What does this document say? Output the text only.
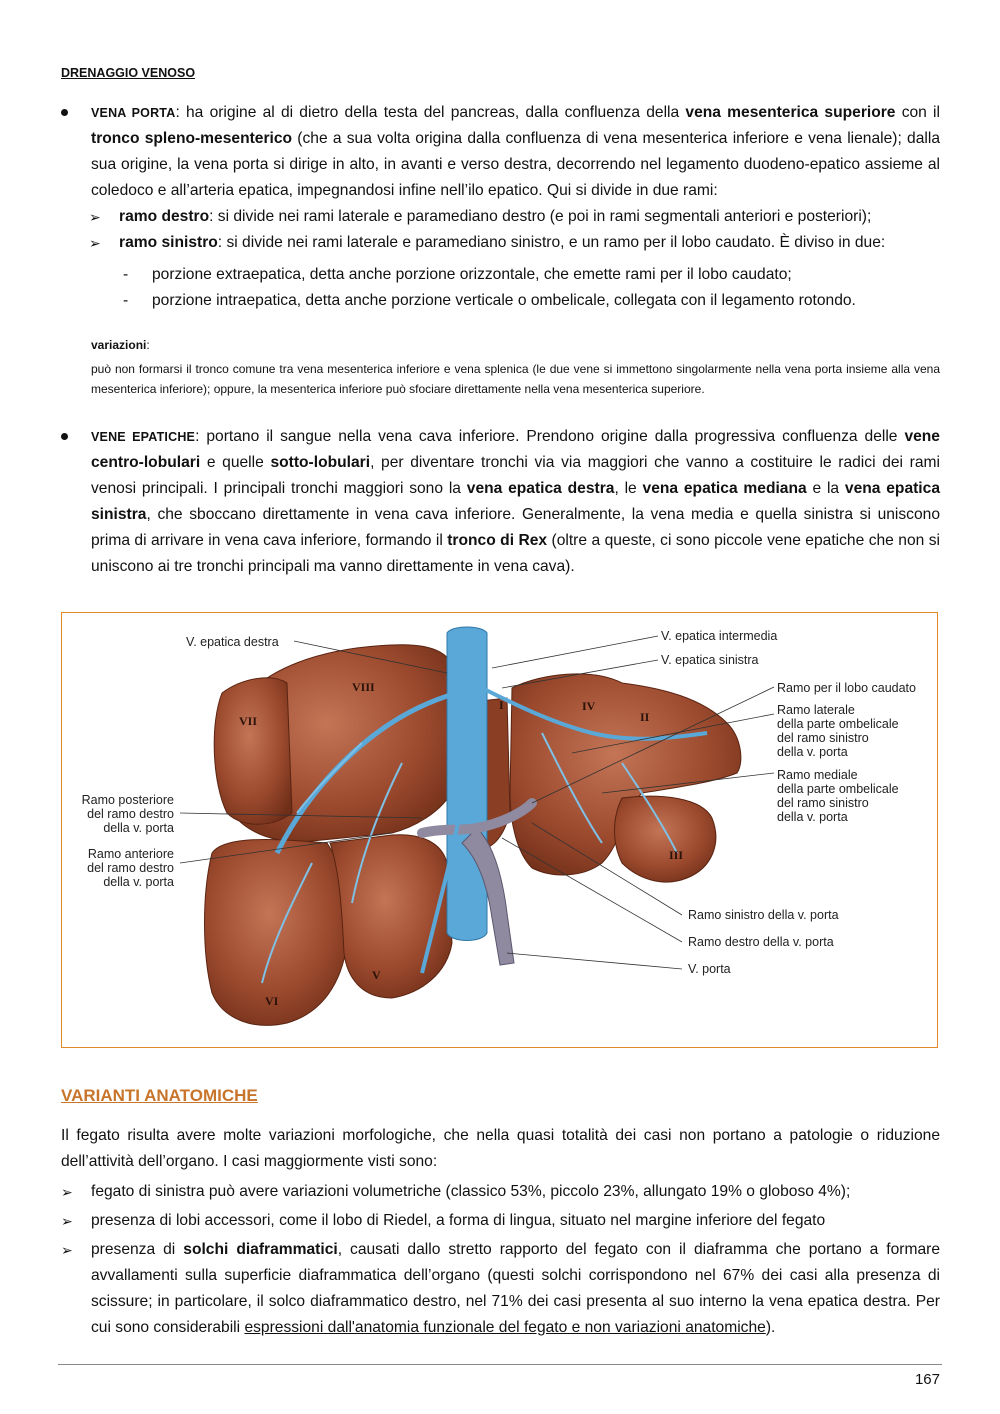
DRENAGGIO VENOSO
VENA PORTA: ha origine al di dietro della testa del pancreas, dalla confluenza della vena mesenterica superiore con il tronco spleno-mesenterico (che a sua volta origina dalla confluenza di vena mesenterica inferiore e vena lienale); dalla sua origine, la vena porta si dirige in alto, in avanti e verso destra, decorrendo nel legamento duodeno-epatico assieme al coledoco e all’arteria epatica, impegnandosi infine nell’ilo epatico. Qui si divide in due rami:
➢ ramo destro: si divide nei rami laterale e paramediano destro (e poi in rami segmentali anteriori e posteriori);
➢ ramo sinistro: si divide nei rami laterale e paramediano sinistro, e un ramo per il lobo caudato. È diviso in due:
- porzione extraepatica, detta anche porzione orizzontale, che emette rami per il lobo caudato;
- porzione intraepatica, detta anche porzione verticale o ombelicale, collegata con il legamento rotondo.
variazioni:
può non formarsi il tronco comune tra vena mesenterica inferiore e vena splenica (le due vene si immettono singolarmente nella vena porta insieme alla vena mesenterica inferiore); oppure, la mesenterica inferiore può sfociare direttamente nella vena mesenterica superiore.
VENE EPATICHE: portano il sangue nella vena cava inferiore. Prendono origine dalla progressiva confluenza delle vene centro-lobulari e quelle sotto-lobulari, per diventare tronchi via via maggiori che vanno a costituire le radici dei rami venosi principali. I principali tronchi maggiori sono la vena epatica destra, le vena epatica mediana e la vena epatica sinistra, che sboccano direttamente in vena cava inferiore. Generalmente, la vena media e quella sinistra si uniscono prima di arrivare in vena cava inferiore, formando il tronco di Rex (oltre a queste, ci sono piccole vene epatiche che non si uniscono ai tre tronchi principali ma vanno direttamente in vena cava).
VIII
VII
I	IV
II
III
V
VI
V. epatica destra
Ramo posteriore
del ramo destro
della v. porta
Ramo anteriore
del ramo destro
della v. porta
V. epatica intermedia
V. epatica sinistra
Ramo per il lobo caudato
Ramo laterale
della parte ombelicale
del ramo sinistro
della v. porta
Ramo mediale
della parte ombelicale
del ramo sinistro
della v. porta
Ramo sinistro della v. porta
Ramo destro della v. porta
V. porta
VARIANTI ANATOMICHE
Il fegato risulta avere molte variazioni morfologiche, che nella quasi totalità dei casi non portano a patologie o riduzione dell’attività dell’organo. I casi maggiormente visti sono:
➢ fegato di sinistra può avere variazioni volumetriche (classico 53%, piccolo 23%, allungato 19% o globoso 4%);
➢ presenza di lobi accessori, come il lobo di Riedel, a forma di lingua, situato nel margine inferiore del fegato
➢ presenza di solchi diaframmatici, causati dallo stretto rapporto del fegato con il diaframma che portano a formare avvallamenti sulla superficie diaframmatica dell’organo (questi solchi corrispondono nel 67% dei casi alla presenza di scissure; in particolare, il solco diaframmatico destro, nel 71% dei casi presenta al suo interno la vena epatica destra. Per cui sono considerabili espressioni dall'anatomia funzionale del fegato e non variazioni anatomiche).
167
